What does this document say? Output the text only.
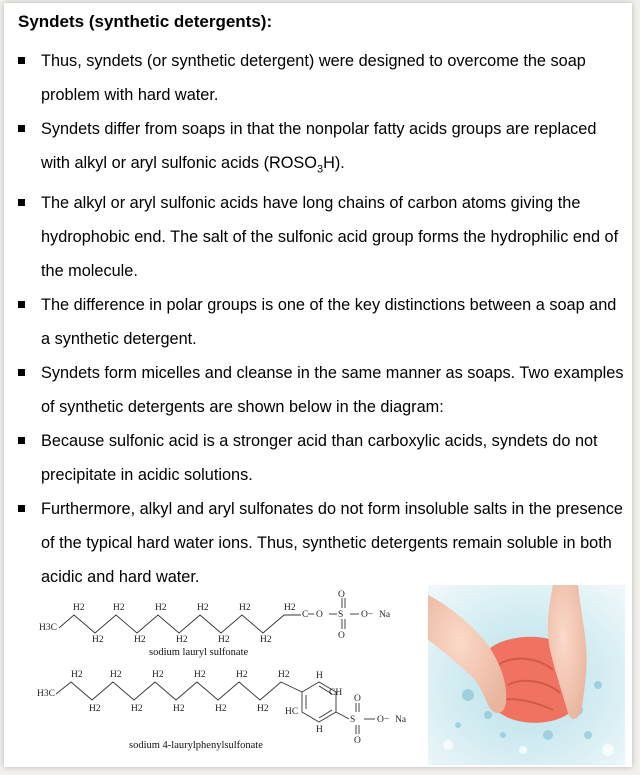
Syndets (synthetic detergents):
Thus, syndets (or synthetic detergent) were designed to overcome the soap problem with hard water.
Syndets differ from soaps in that the nonpolar fatty acids groups are replaced with alkyl or aryl sulfonic acids $(ROSO_3H)$.
The alkyl or aryl sulfonic acids have long chains of carbon atoms giving the hydrophobic end. The salt of the sulfonic acid group forms the hydrophilic end of the molecule.
The difference in polar groups is one of the key distinctions between a soap and a synthetic detergent.
Syndets form micelles and cleanse in the same manner as soaps. Two examples of synthetic detergents are shown below in the diagram:
Because sulfonic acid is a stronger acid than carboxylic acids, syndets do not precipitate in acidic solutions.
Furthermore, alkyl and aryl sulfonates do not form insoluble salts in the presence of the typical hard water ions. Thus, synthetic detergents remain soluble in both acidic and hard water.
H3C
H2
H2
H2
H2
H2
H2
H2
H2
H2
H2
H2
C O S
O
O
O− Na
sodium lauryl sulfonate
H3C
H2
H2
H2
H2
H2
H2
H2
H2
H2
H2
H2	H
H
CH
HC
S
O
O
O− Na
sodium 4-laurylphenylsulfonate
